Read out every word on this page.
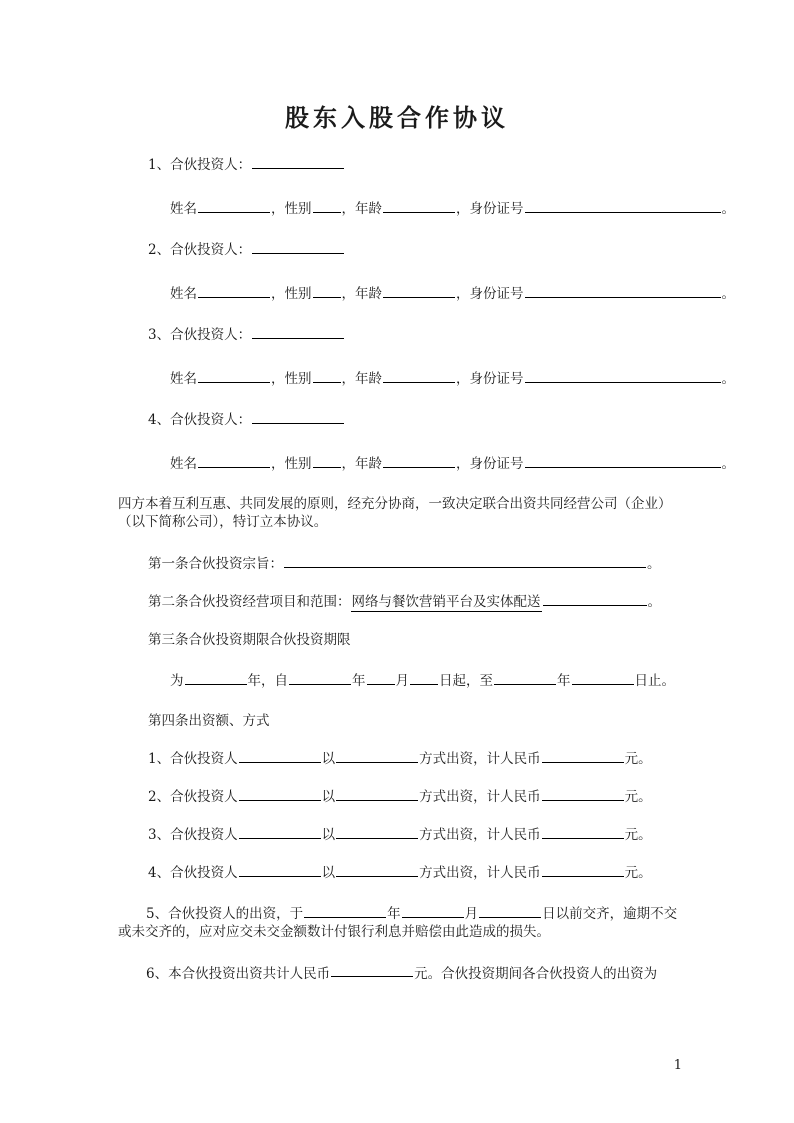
股东入股合作协议
1、合伙投资人：
姓名	，性别 ，年龄	，身份证号	。
2、合伙投资人：
姓名	，性别 ，年龄	，身份证号	。
3、合伙投资人：
姓名	，性别 ，年龄	，身份证号	。
4、合伙投资人：
姓名	，性别 ，年龄	，身份证号	。
四方本着互利互惠、共同发展的原则，经充分协商，一致决定联合出资共同经营公司（企业）（以下简称公司），特订立本协议。
第一条合伙投资宗旨：	。
第二条合伙投资经营项目和范围：网络与餐饮营销平台及实体配送	。
第三条合伙投资期限合伙投资期限
为	年，自	年 月 日起，至	年	日止。
第四条出资额、方式
1、合伙投资人	以	方式出资，计人民币	元。
2、合伙投资人	以	方式出资，计人民币	元。
3、合伙投资人	以	方式出资，计人民币	元。
4、合伙投资人	以	方式出资，计人民币	元。
5、合伙投资人的出资，于	年	月	日以前交齐，逾期不交或未交齐的，应对应交未交金额数计付银行利息并赔偿由此造成的损失。
6、本合伙投资出资共计人民币	元。合伙投资期间各合伙投资人的出资为
1
